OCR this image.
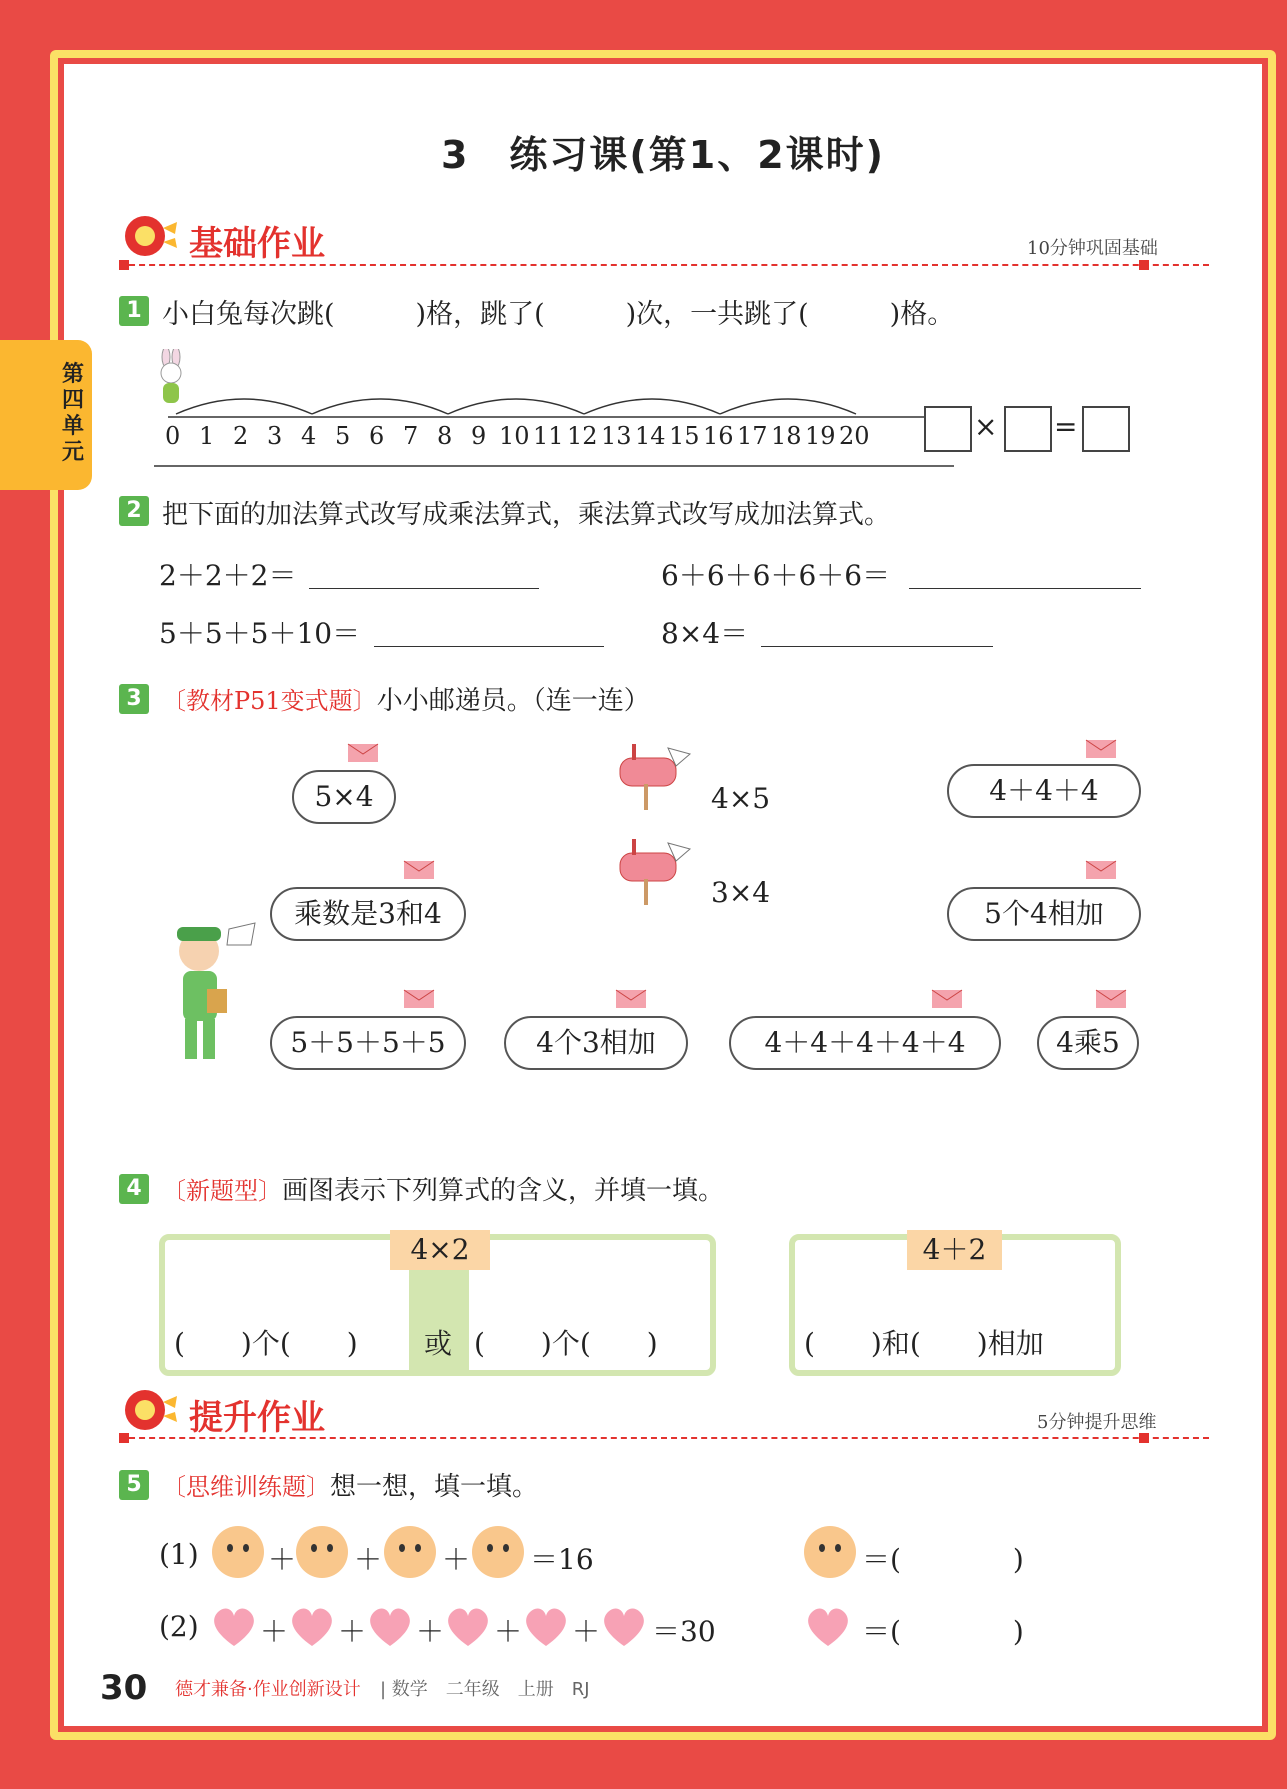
3　练习课(第1、2课时)
基础作业	10分钟巩固基础
1 小白兔每次跳(　　　)格，跳了(　　　)次，一共跳了(　　　)格。
0 1 2 3 4 5 6 7 8 9 10 11 12 13 14 15 16 17 18 19 20	× =
2 把下面的加法算式改写成乘法算式，乘法算式改写成加法算式。
2＋2＋2＝	6＋6＋6＋6＋6＝
5＋5＋5＋10＝	8×4＝
3 〔教材P51变式题〕小小邮递员。（连一连）
4×5
3×4
5×4	4＋4＋4
乘数是3和4	5个4相加
5＋5＋5＋5	4个3相加	4＋4＋4＋4＋4	4乘5
4 〔新题型〕画图表示下列算式的含义，并填一填。
4×2
(　　)个(　　) 或 (　　)个(　　)
4＋2
(　　)和(　　)相加
提升作业	5分钟提升思维
5 〔思维训练题〕想一想，填一填。
(1) ＋ ＋ ＋ ＝16	＝(　　　　)
(2) ＋ ＋ ＋ ＋ ＋ ＝30	＝(　　　　)
第四单元
30 德才兼备·作业创新设计 | 数学　二年级　上册　RJ
